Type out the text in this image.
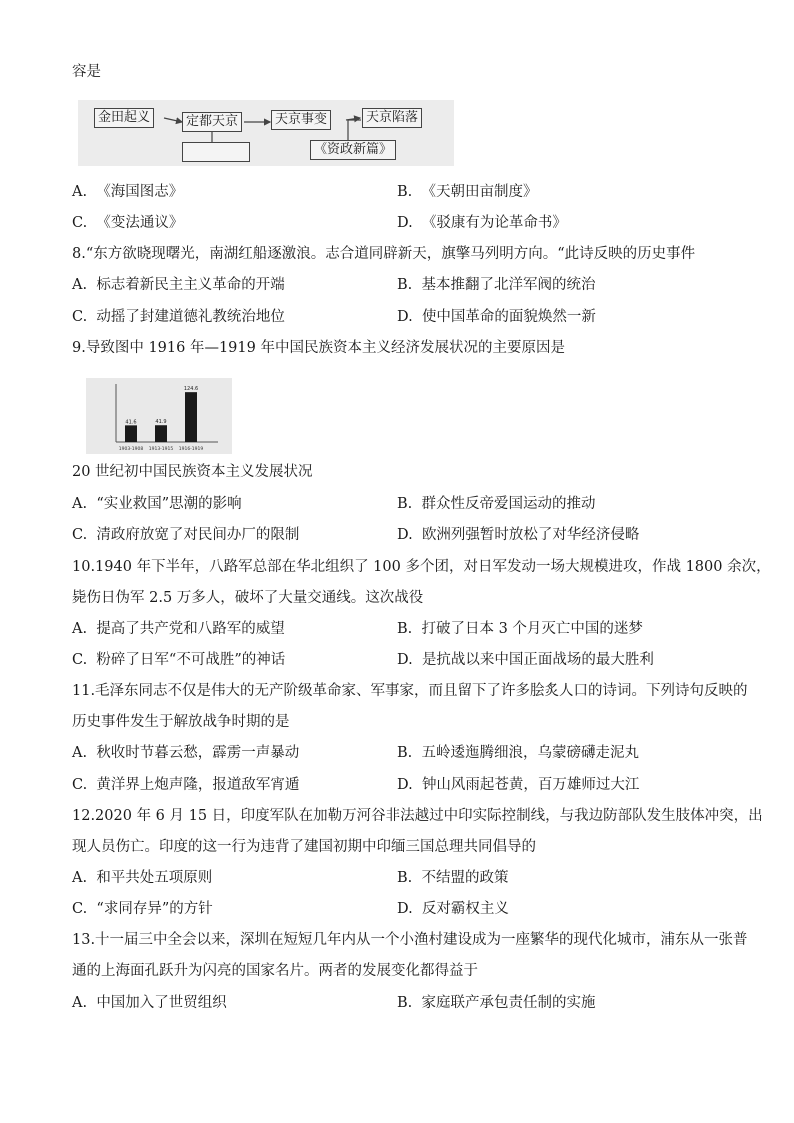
容是
金田起义	定都天京	天京事变	天京陷落
《资政新篇》
A. 《海国图志》	B. 《天朝田亩制度》
C. 《变法通议》	D. 《驳康有为论革命书》
8.“东方欲晓现曙光，南湖红船逐激浪。志合道同辟新天，旗擎马列明方向。“此诗反映的历史事件
A. 标志着新民主主义革命的开端	B. 基本推翻了北洋军阀的统治
C. 动摇了封建道德礼教统治地位	D. 使中国革命的面貌焕然一新
9.导致图中 1916 年—1919 年中国民族资本主义经济发展状况的主要原因是
41.6
1903-1908
41.9
1913-1915
124.6
1916-1919
20 世纪初中国民族资本主义发展状况
A. “实业救国”思潮的影响	B. 群众性反帝爱国运动的推动
C. 清政府放宽了对民间办厂的限制	D. 欧洲列强暂时放松了对华经济侵略
10.1940 年下半年，八路军总部在华北组织了 100 多个团，对日军发动一场大规模进攻，作战 1800 余次，
毙伤日伪军 2.5 万多人，破坏了大量交通线。这次战役
A. 提高了共产党和八路军的威望	B. 打破了日本 3 个月灭亡中国的迷梦
C. 粉碎了日军“不可战胜”的神话	D. 是抗战以来中国正面战场的最大胜利
11.毛泽东同志不仅是伟大的无产阶级革命家、军事家，而且留下了许多脍炙人口的诗词。下列诗句反映的
历史事件发生于解放战争时期的是
A. 秋收时节暮云愁，霹雳一声暴动	B. 五岭逶迤腾细浪，乌蒙磅礴走泥丸
C. 黄洋界上炮声隆，报道敌军宵遁	D. 钟山风雨起苍黄，百万雄师过大江
12.2020 年 6 月 15 日，印度军队在加勒万河谷非法越过中印实际控制线，与我边防部队发生肢体冲突，出
现人员伤亡。印度的这一行为违背了建国初期中印缅三国总理共同倡导的
A. 和平共处五项原则	B. 不结盟的政策
C. “求同存异”的方针	D. 反对霸权主义
13.十一届三中全会以来，深圳在短短几年内从一个小渔村建设成为一座繁华的现代化城市，浦东从一张普
通的上海面孔跃升为闪亮的国家名片。两者的发展变化都得益于
A. 中国加入了世贸组织	B. 家庭联产承包责任制的实施
